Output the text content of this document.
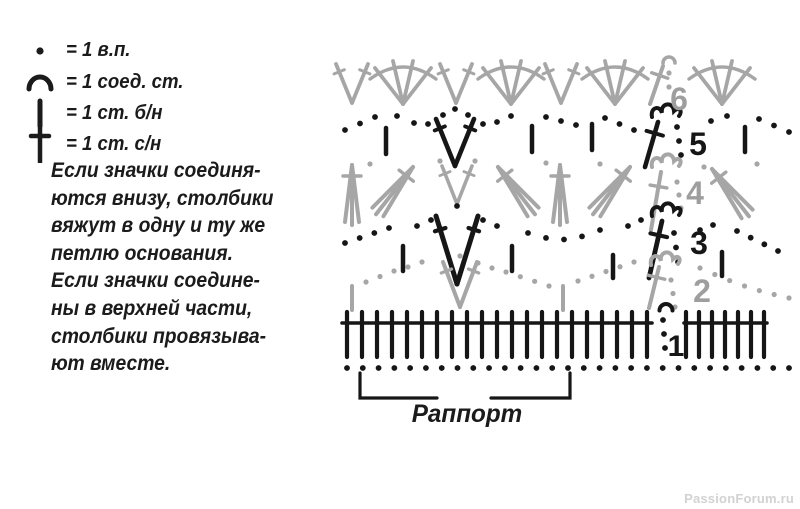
= 1 в.п.
= 1 соед. ст.
= 1 ст. б/н
= 1 ст. с/н
Если значки соединя-
ются внизу, столбики
вяжут в одну и ту же
петлю основания.
Если значки соедине-
ны в верхней части,
столбики провязыва-
ют вместе.
6
5
4
3
2
1
Раппорт
PassionForum.ru
